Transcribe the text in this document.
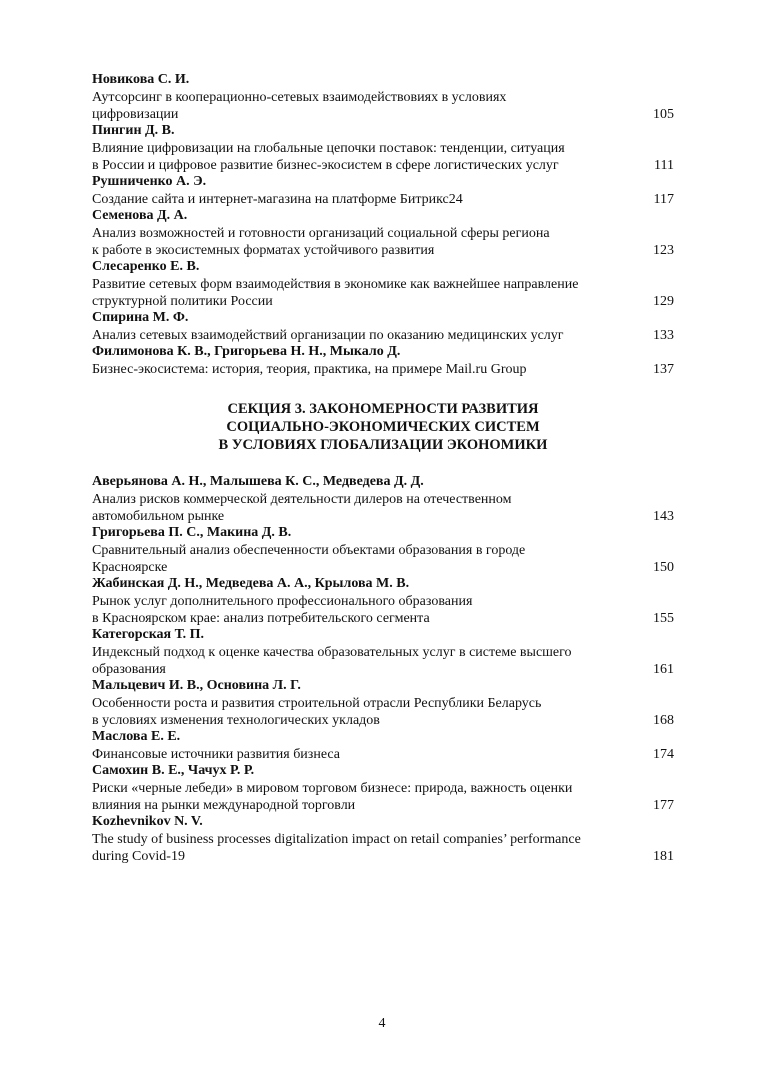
Новикова С. И.
Аутсорсинг в кооперационно-сетевых взаимодействовиях в условиях
цифровизации	105
Пингин Д. В.
Влияние цифровизации на глобальные цепочки поставок: тенденции, ситуация
в России и цифровое развитие бизнес-экосистем в сфере логистических услуг	111
Рушниченко А. Э.
Создание сайта и интернет-магазина на платформе Битрикс24	117
Семенова Д. А.
Анализ возможностей и готовности организаций социальной сферы региона
к работе в экосистемных форматах устойчивого развития	123
Слесаренко Е. В.
Развитие сетевых форм взаимодействия в экономике как важнейшее направление
структурной политики России	129
Спирина М. Ф.
Анализ сетевых взаимодействий организации по оказанию медицинских услуг	133
Филимонова К. В., Григорьева Н. Н., Мыкало Д.
Бизнес-экосистема: история, теория, практика, на примере Mail.ru Group	137
СЕКЦИЯ 3. ЗАКОНОМЕРНОСТИ РАЗВИТИЯ
СОЦИАЛЬНО-ЭКОНОМИЧЕСКИХ СИСТЕМ
В УСЛОВИЯХ ГЛОБАЛИЗАЦИИ ЭКОНОМИКИ
Аверьянова А. Н., Малышева К. С., Медведева Д. Д.
Анализ рисков коммерческой деятельности дилеров на отечественном
автомобильном рынке	143
Григорьева П. С., Макина Д. В.
Сравнительный анализ обеспеченности объектами образования в городе
Красноярске	150
Жабинская Д. Н., Медведева А. А., Крылова М. В.
Рынок услуг дополнительного профессионального образования
в Красноярском крае: анализ потребительского сегмента	155
Категорская Т. П.
Индексный подход к оценке качества образовательных услуг в системе высшего
образования	161
Мальцевич И. В., Основина Л. Г.
Особенности роста и развития строительной отрасли Республики Беларусь
в условиях изменения технологических укладов	168
Маслова Е. Е.
Финансовые источники развития бизнеса	174
Самохин В. Е., Чачух Р. Р.
Риски «черные лебеди» в мировом торговом бизнесе: природа, важность оценки
влияния на рынки международной торговли	177
Kozhevnikov N. V.
The study of business processes digitalization impact on retail companies’ performance
during Covid-19	181
4
